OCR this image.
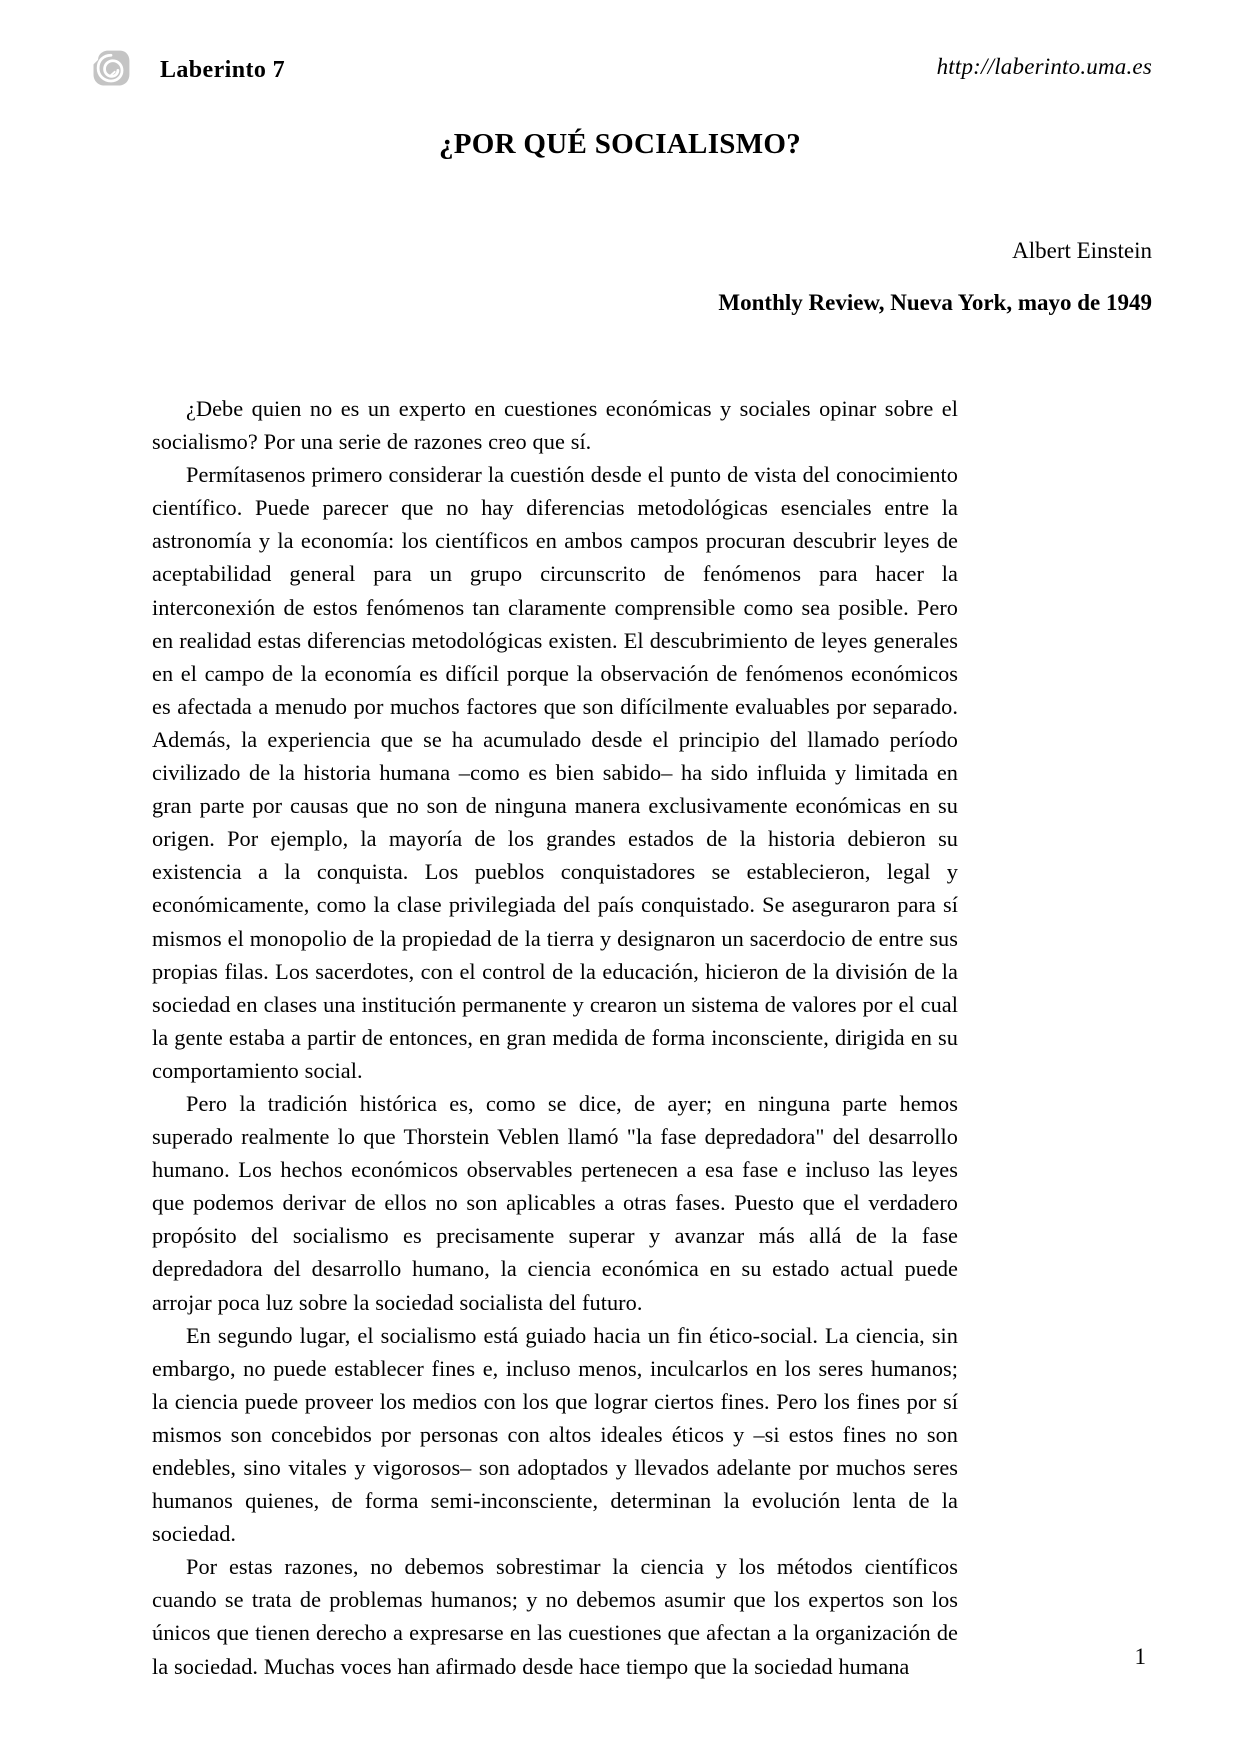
Laberinto 7	http://laberinto.uma.es
¿POR QUÉ SOCIALISMO?
Albert Einstein
Monthly Review, Nueva York, mayo de 1949

¿Debe quien no es un experto en cuestiones económicas y sociales opinar sobre el socialismo? Por una serie de razones creo que sí.

Permítasenos primero considerar la cuestión desde el punto de vista del conocimiento científico. Puede parecer que no hay diferencias metodológicas esenciales entre la astronomía y la economía: los científicos en ambos campos procuran descubrir leyes de aceptabilidad general para un grupo circunscrito de fenómenos para hacer la interconexión de estos fenómenos tan claramente comprensible como sea posible. Pero en realidad estas diferencias metodológicas existen. El descubrimiento de leyes generales en el campo de la economía es difícil porque la observación de fenómenos económicos es afectada a menudo por muchos factores que son difícilmente evaluables por separado. Además, la experiencia que se ha acumulado desde el principio del llamado período civilizado de la historia humana –como es bien sabido– ha sido influida y limitada en gran parte por causas que no son de ninguna manera exclusivamente económicas en su origen. Por ejemplo, la mayoría de los grandes estados de la historia debieron su existencia a la conquista. Los pueblos conquistadores se establecieron, legal y económicamente, como la clase privilegiada del país conquistado. Se aseguraron para sí mismos el monopolio de la propiedad de la tierra y designaron un sacerdocio de entre sus propias filas. Los sacerdotes, con el control de la educación, hicieron de la división de la sociedad en clases una institución permanente y crearon un sistema de valores por el cual la gente estaba a partir de entonces, en gran medida de forma inconsciente, dirigida en su comportamiento social.

Pero la tradición histórica es, como se dice, de ayer; en ninguna parte hemos superado realmente lo que Thorstein Veblen llamó "la fase depredadora" del desarrollo humano. Los hechos económicos observables pertenecen a esa fase e incluso las leyes que podemos derivar de ellos no son aplicables a otras fases. Puesto que el verdadero propósito del socialismo es precisamente superar y avanzar más allá de la fase depredadora del desarrollo humano, la ciencia económica en su estado actual puede arrojar poca luz sobre la sociedad socialista del futuro.

En segundo lugar, el socialismo está guiado hacia un fin ético-social. La ciencia, sin embargo, no puede establecer fines e, incluso menos, inculcarlos en los seres humanos; la ciencia puede proveer los medios con los que lograr ciertos fines. Pero los fines por sí mismos son concebidos por personas con altos ideales éticos y –si estos fines no son endebles, sino vitales y vigorosos– son adoptados y llevados adelante por muchos seres humanos quienes, de forma semi-inconsciente, determinan la evolución lenta de la sociedad.

Por estas razones, no debemos sobrestimar la ciencia y los métodos científicos cuando se trata de problemas humanos; y no debemos asumir que los expertos son los únicos que tienen derecho a expresarse en las cuestiones que afectan a la organización de la sociedad. Muchas voces han afirmado desde hace tiempo que la sociedad humana	1
